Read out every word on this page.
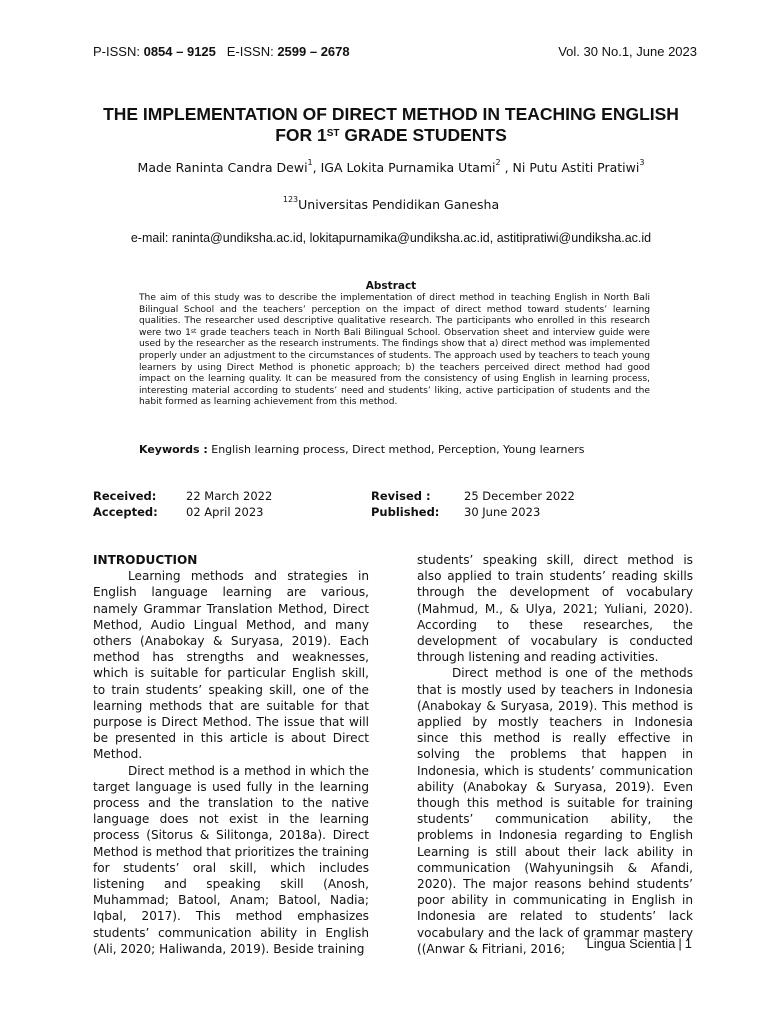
P-ISSN: 0854 – 9125 E-ISSN: 2599 – 2678	Vol. 30 No.1, June 2023
THE IMPLEMENTATION OF DIRECT METHOD IN TEACHING ENGLISH
FOR 1ST GRADE STUDENTS
Made Raninta Candra Dewi$^1$, IGA Lokita Purnamika Utami$^2$ , Ni Putu Astiti Pratiwi$^3$
$^{123}$Universitas Pendidikan Ganesha
e-mail: raninta@undiksha.ac.id, lokitapurnamika@undiksha.ac.id, astitipratiwi@undiksha.ac.id
Abstract
The aim of this study was to describe the implementation of direct method in teaching English in North Bali Bilingual School and the teachers’ perception on the impact of direct method toward students’ learning qualities. The researcher used descriptive qualitative research. The participants who enrolled in this research were two 1st grade teachers teach in North Bali Bilingual School. Observation sheet and interview guide were used by the researcher as the research instruments. The findings show that a) direct method was implemented properly under an adjustment to the circumstances of students. The approach used by teachers to teach young learners by using Direct Method is phonetic approach; b) the teachers perceived direct method had good impact on the learning quality. It can be measured from the consistency of using English in learning process, interesting material according to students’ need and students’ liking, active participation of students and the habit formed as learning achievement from this method.
Keywords : English learning process, Direct method, Perception, Young learners
Received:	22 March 2022	Revised :	25 December 2022
Accepted: 02 April 2023	Published: 30 June 2023

INTRODUCTION

Learning methods and strategies in English language learning are various, namely Grammar Translation Method, Direct Method, Audio Lingual Method, and many others (Anabokay & Suryasa, 2019). Each method has strengths and weaknesses, which is suitable for particular English skill, to train students’ speaking skill, one of the learning methods that are suitable for that purpose is Direct Method. The issue that will be presented in this article is about Direct Method.

Direct method is a method in which the target language is used fully in the learning process and the translation to the native language does not exist in the learning process (Sitorus & Silitonga, 2018a). Direct Method is method that prioritizes the training for students’ oral skill, which includes listening and speaking skill (Anosh, Muhammad; Batool, Anam; Batool, Nadia; Iqbal, 2017). This method emphasizes students’ communication ability in English (Ali, 2020; Haliwanda, 2019). Beside training

students’ speaking skill, direct method is also applied to train students’ reading skills through the development of vocabulary (Mahmud, M., & Ulya, 2021; Yuliani, 2020). According to these researches, the development of vocabulary is conducted through listening and reading activities.

Direct method is one of the methods that is mostly used by teachers in Indonesia (Anabokay & Suryasa, 2019). This method is applied by mostly teachers in Indonesia since this method is really effective in solving the problems that happen in Indonesia, which is students’ communication ability (Anabokay & Suryasa, 2019). Even though this method is suitable for training students’ communication ability, the problems in Indonesia regarding to English Learning is still about their lack ability in communication (Wahyuningsih & Afandi, 2020). The major reasons behind students’ poor ability in communicating in English in Indonesia are related to students’ lack vocabulary and the lack of grammar mastery ((Anwar & Fitriani, 2016;	Lingua Scientia | 1
